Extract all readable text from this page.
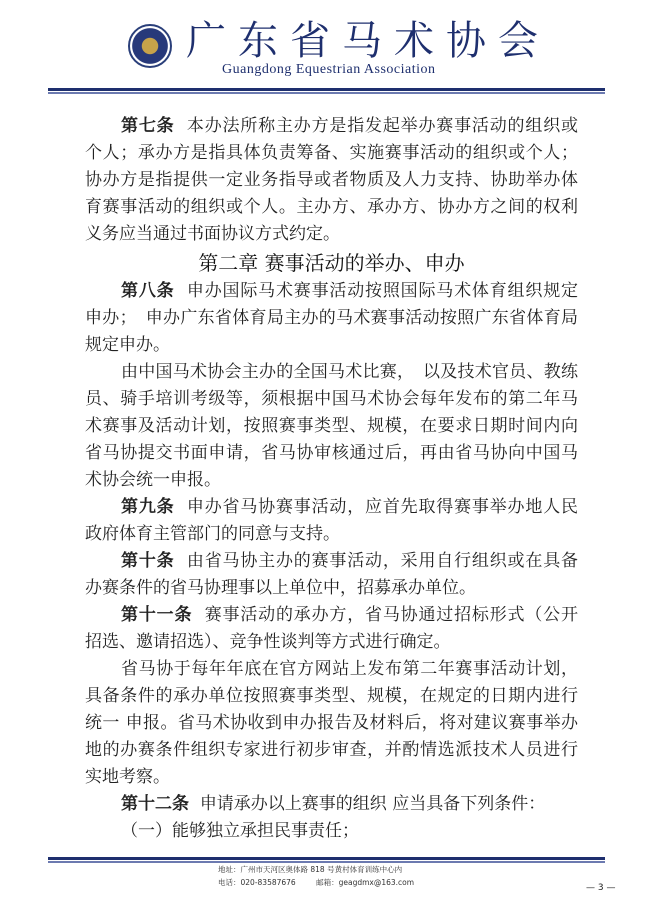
广东省马术协会
Guangdong Equestrian Association
第七条 本办法所称主办方是指发起举办赛事活动的组织或
个人；承办方是指具体负责筹备、实施赛事活动的组织或个人；
协办方是指提供一定业务指导或者物质及人力支持、协助举办体
育赛事活动的组织或个人。主办方、承办方、协办方之间的权利
义务应当通过书面协议方式约定。
第二章 赛事活动的举办、申办
第八条 申办国际马术赛事活动按照国际马术体育组织规定
申办；　申办广东省体育局主办的马术赛事活动按照广东省体育局
规定申办。
由中国马术协会主办的全国马术比赛，　以及技术官员、教练
员、骑手培训考级等，须根据中国马术协会每年发布的第二年马
术赛事及活动计划，按照赛事类型、规模，在要求日期时间内向
省马协提交书面申请，省马协审核通过后，再由省马协向中国马
术协会统一申报。
第九条 申办省马协赛事活动，应首先取得赛事举办地人民
政府体育主管部门的同意与支持。
第十条 由省马协主办的赛事活动，采用自行组织或在具备
办赛条件的省马协理事以上单位中，招募承办单位。
第十一条 赛事活动的承办方，省马协通过招标形式（公开
招选、邀请招选）、竞争性谈判等方式进行确定。
省马协于每年年底在官方网站上发布第二年赛事活动计划，
具备条件的承办单位按照赛事类型、规模，在规定的日期内进行
统一 申报。省马术协收到申办报告及材料后，将对建议赛事举办
地的办赛条件组织专家进行初步审查，并酌情选派技术人员进行
实地考察。
第十二条 申请承办以上赛事的组织 应当具备下列条件：
（一）能够独立承担民事责任；
地址：广州市天河区奥体路 818 号黄村体育训练中心内
电话：020-83587676	邮箱：geagdmx@163.com
— 3 —
